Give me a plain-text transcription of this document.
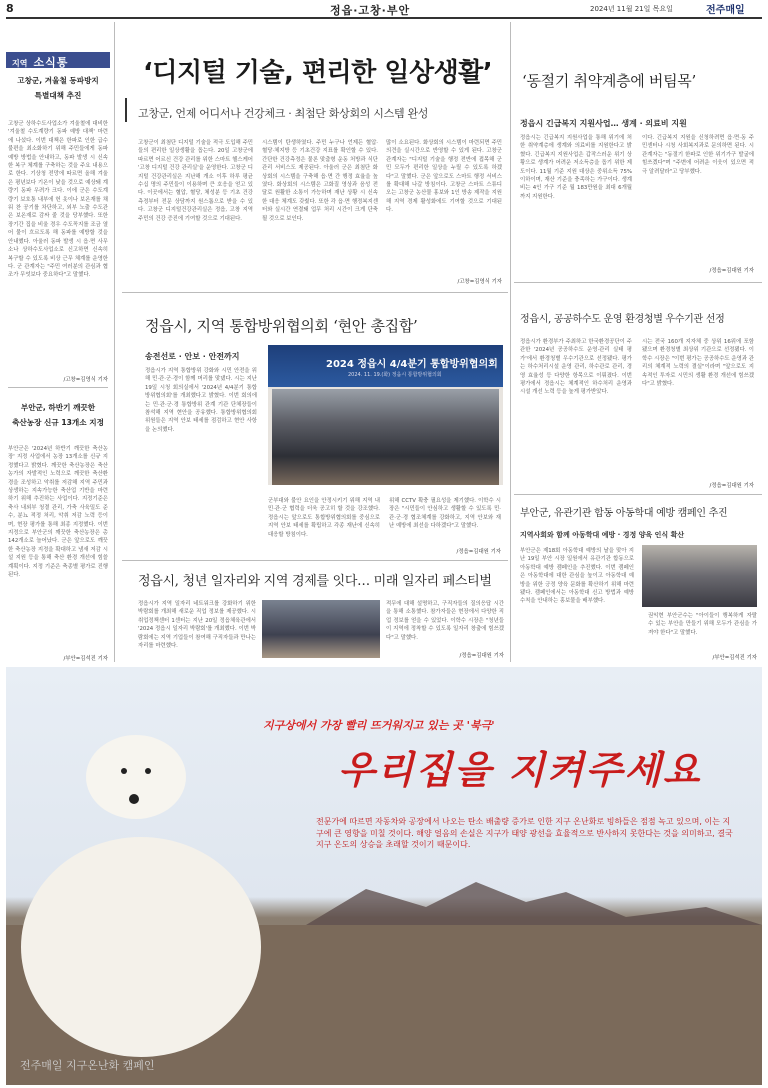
8	정읍·고창·부안	2024년 11월 21일 목요일	전주매일
지역 소식통
고창군, 겨울철 동파방지
특별대책 추진
고창군 상하수도사업소가 겨울철에 대비한 '겨울철 수도계량기 동파 예방 대책' 마련에 나섰다. 이번 대책은 한파로 인한 급수 불편을 최소화하기 위해 주민들에게 동파 예방 방법을 안내하고, 동파 발생 시 신속한 복구 체계를 구축하는 것을 주요 내용으로 한다. 기상청 전망에 따르면 올해 겨울은 평년보다 기온이 낮을 것으로 예상돼 계량기 동파 우려가 크다. 이에 군은 수도계량기 보호통 내부에 헌 옷이나 보온재를 채워 찬 공기를 차단하고, 외부 노출 수도관은 보온재로 감싸 줄 것을 당부했다. 또한 장기간 집을 비울 경우 수도꼭지를 조금 열어 물이 흐르도록 해 동파를 예방할 것을 안내했다. 아울러 동파 발생 시 읍·면 사무소나 상하수도사업소로 신고하면 신속히 복구할 수 있도록 비상 근무 체계를 운영한다. 군 관계자는 "주민 여러분의 관심과 협조가 무엇보다 중요하다"고 말했다.
/고창=김영식 기자
부안군, 하반기 깨끗한
축산농장 신규 13개소 지정
부안군은 '2024년 하반기 깨끗한 축산농장' 지정 사업에서 농장 13개소를 신규 지정했다고 밝혔다. 깨끗한 축산농장은 축산농가의 자발적인 노력으로 깨끗한 축산환경을 조성하고 악취를 저감해 지역 주민과 상생하는 지속가능한 축산업 기반을 마련하기 위해 추진하는 사업이다. 지정기준은 축사 내외부 청결 관리, 가축 사육밀도 준수, 분뇨 적정 처리, 악취 저감 노력 등이며, 현장 평가를 통해 최종 지정했다. 이번 지정으로 부안군의 깨끗한 축산농장은 총 142개소로 늘어났다. 군은 앞으로도 깨끗한 축산농장 지정을 확대하고 냄새 저감 시설 지원 등을 통해 축산 환경 개선에 힘쓸 계획이다. 지정 기준은 축종별 평가로 진행된다.
/부안=김석진 기자
‘디지털 기술, 편리한 일상생활’
고창군, 언제 어디서나 건강체크 · 최첨단 화상회의 시스템 완성
고창군이 최첨단 디지털 기술을 적극 도입해 주민들의 편리한 일상생활을 돕는다. 20일 고창군에 따르면 어르신 건강 관리를 위한 스마트 헬스케어 '고창 디지털 건강 관리실'을 운영한다. 고창군 디지털 건강관리실은 지난해 개소 이후 하루 평균 수십 명의 주민들이 이용하며 큰 호응을 얻고 있다. 이곳에서는 혈압, 혈당, 체성분 등 기초 건강 측정부터 전문 상담까지 원스톱으로 받을 수 있다. 고창군 디지털건강관리실은 정읍, 고창 지역 주민의 건강 증진에 기여할 것으로 기대된다.
시스템이 탄생하였다. 주민 누구나 언제든 혈압·혈당·체지방 등 기초건강 지표를 확인할 수 있다. 간단한 건강측정은 물론 맞춤형 운동 처방과 식단 관리 서비스도 제공된다. 아울러 군은 최첨단 화상회의 시스템을 구축해 읍·면 간 행정 효율을 높였다. 화상회의 시스템은 고화질 영상과 음성 전달로 원활한 소통이 가능하며 재난 상황 시 신속한 대응 체계도 갖췄다. 또한 각 읍·면 행정복지센터와 실시간 연결돼 업무 처리 시간이 크게 단축될 것으로 보인다.
많이 소요된다. 화상회의 시스템이 마련되면 주민 의견을 실시간으로 반영할 수 있게 된다. 고창군 관계자는 "디지털 기술을 행정 전반에 접목해 군민 모두가 편리한 일상을 누릴 수 있도록 하겠다"고 말했다. 군은 앞으로도 스마트 행정 서비스를 확대해 나갈 방침이다. 고창군 스마트 스튜디오는 고창군 농산물 홍보와 1인 방송 제작을 지원해 지역 경제 활성화에도 기여할 것으로 기대된다.
/고창=김영식 기자
정읍시, 지역 통합방위협의회 ‘현안 총집합’
송전선로 · 안보 · 안전까지
정읍시가 지역 통합방위 강화와 시민 안전을 위해 민·관·군·경이 함께 머리를 맞댔다. 시는 지난 19일 시청 회의실에서 '2024년 4/4분기 통합방위협의회'를 개최했다고 밝혔다. 이번 회의에는 민·관·군·경 통합방위 관계 기관 단체장들이 참석해 지역 현안을 공유했다. 통합방위협의회 위원들은 지역 안보 태세를 점검하고 현안 사항을 논의했다.
2024 정읍시 4/4분기 통합방위협의회
2024. 11. 19.(화) 정읍시 통합방위협의회
군부대와 불안 요인을 안정시키기 위해 지역 내 민·관·군 협력을 더욱 공고히 할 것을 강조했다. 정읍시는 앞으로도 통합방위협의회를 중심으로 지역 안보 태세를 확립하고 각종 재난에 신속히 대응할 방침이다.
위해 CCTV 확충 필요성을 제기했다. 이학수 시장은 "시민들이 안심하고 생활할 수 있도록 민·관·군·경 협조체계를 강화하고, 지역 안보와 재난 예방에 최선을 다하겠다"고 말했다.
/정읍=김대원 기자
정읍시, 청년 일자리와 지역 경제를 잇다… 미래 일자리 페스티벌
정읍시가 지역 일자리 네트워크를 강화하기 위한 박람회를 개최해 새로운 직업 정보를 제공했다. 시 취업정책센터 1센터는 지난 20일 정읍체육관에서 '2024 정읍시 일자리 박람회'를 개최했다. 이번 박람회에는 지역 기업들이 참여해 구직자들과 만나는 자리를 마련했다.
적무에 대해 설명하고, 구직자들의 질의응답 시간을 통해 소통했다. 참가자들은 현장에서 다양한 직업 정보를 얻을 수 있었다. 이학수 시장은 "청년들이 지역에 정착할 수 있도록 일자리 창출에 힘쓰겠다"고 말했다.
/정읍=김대원 기자
‘동절기 취약계층에 버팀목’
정읍시 긴급복지 지원사업… 생계 · 의료비 지원
정읍시는 긴급복지 지원사업을 통해 위기에 처한 취약계층에 생계와 의료비를 지원한다고 밝혔다. 긴급복지 지원사업은 갑작스러운 위기 상황으로 생계가 어려운 저소득층을 돕기 위한 제도이다. 11월 기준 지원 대상은 중위소득 75% 이하이며, 재산 기준을 충족하는 가구이다. 생계비는 4인 가구 기준 월 183만원을 최대 6개월까지 지원한다.
이다. 긴급복지 지원을 신청하려면 읍·면·동 주민센터나 시청 사회복지과로 문의하면 된다. 시 관계자는 "동절기 한파로 인한 위기가구 발굴에 힘쓰겠다"며 "주변에 어려운 이웃이 있으면 적극 알려달라"고 당부했다.
/정읍=김대원 기자
정읍시, 공공하수도 운영 환경청별 우수기관 선정
정읍시가 환경부가 주최하고 한국환경공단이 주관한 '2024년 공공하수도 운영·관리 실태 평가'에서 환경청별 우수기관으로 선정됐다. 평가는 하수처리시설 운영 관리, 하수관로 관리, 경영 효율성 등 다양한 항목으로 이뤄졌다. 이번 평가에서 정읍시는 체계적인 하수처리 운영과 시설 개선 노력 등을 높게 평가받았다.
시는 전국 160개 지자체 중 상위 16위에 포함됐으며 환경청별 최상위 기관으로 선정됐다. 이학수 시장은 "이번 평가는 공공하수도 운영과 관리의 체계적 노력의 결실"이라며 "앞으로도 지속적인 투자로 시민의 생활 환경 개선에 힘쓰겠다"고 밝혔다.
/정읍=김대원 기자
부안군, 유관기관 합동 아동학대 예방 캠페인 추진
지역사회와 함께 아동학대 예방 · 경정 양육 인식 확산
부안군은 제18회 아동학대 예방의 날을 맞아 지난 19일 부안 시장 일원에서 유관기관 합동으로 아동학대 예방 캠페인을 추진했다. 이번 캠페인은 아동학대에 대한 관심을 높이고 아동학대 예방을 위한 긍정 양육 문화를 확산하기 위해 마련됐다. 캠페인에서는 아동학대 신고 방법과 예방 수칙을 안내하는 홍보물을 배부했다.
권익현 부안군수는 "아이들이 행복하게 자랄 수 있는 부안을 만들기 위해 모두가 관심을 가져야 한다"고 말했다.
/부안=김석진 기자
지구상에서 가장 빨리 뜨거워지고 있는 곳 '북극'
우리집을 지켜주세요
전문가에 따르면 자동차와 공장에서 나오는 탄소 배출량 증가로 인한 지구 온난화로 빙하들은 점점 녹고 있으며, 이는 지구에 큰 영향을 미칠 것이다. 해양 얼음의 손실은 지구가 태양 광선을 효율적으로 반사하지 못한다는 것을 의미하고, 결국 지구 온도의 상승을 초래할 것이기 때문이다.
전주매일 지구온난화 캠페인
